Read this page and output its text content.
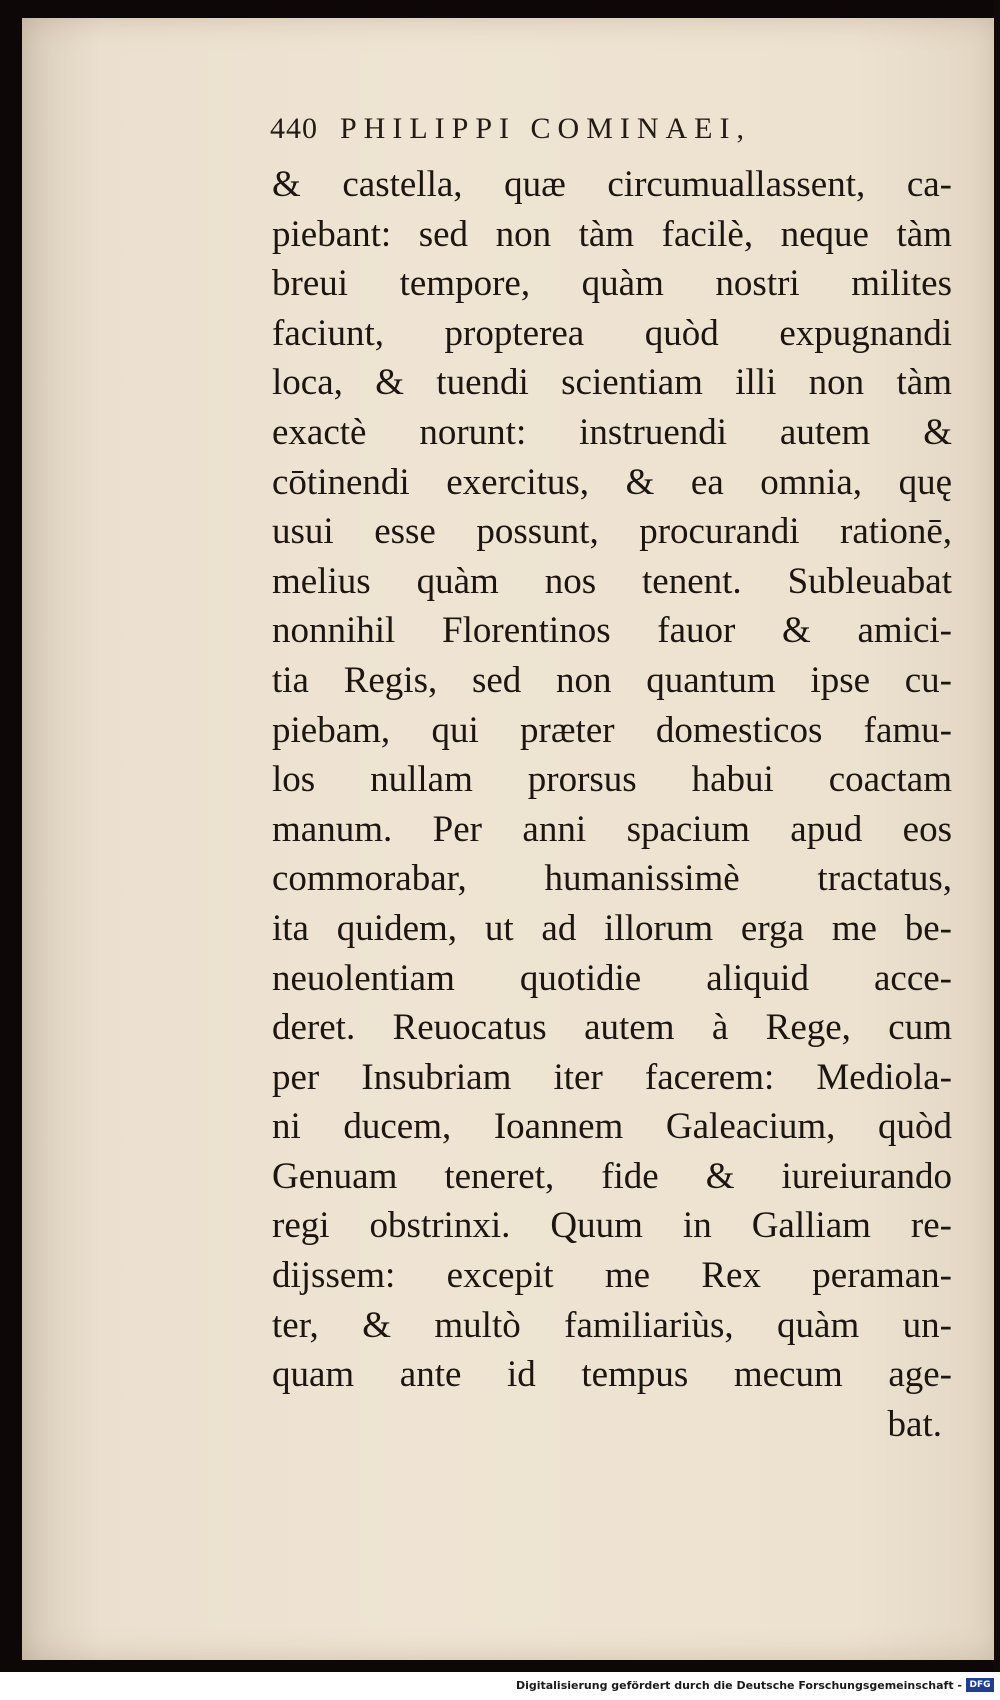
440 PHILIPPI COMINAEI,
& castella, quæ circumuallassent, ca-
piebant: sed non tàm facilè, neque tàm
breui tempore, quàm nostri milites
faciunt, propterea quòd expugnandi
loca, & tuendi scientiam illi non tàm
exactè norunt: instruendi autem &
cōtinendi exercitus, & ea omnia, quę
usui esse possunt, procurandi rationē,
melius quàm nos tenent. Subleuabat
nonnihil Florentinos fauor & amici-
tia Regis, sed non quantum ipse cu-
piebam, qui præter domesticos famu-
los nullam prorsus habui coactam
manum. Per anni spacium apud eos
commorabar, humanissimè tractatus,
ita quidem, ut ad illorum erga me be-
neuolentiam quotidie aliquid acce-
deret. Reuocatus autem à Rege, cum
per Insubriam iter facerem: Mediola-
ni ducem, Ioannem Galeacium, quòd
Genuam teneret, fide & iureiurando
regi obstrinxi. Quum in Galliam re-
dijssem: excepit me Rex peraman-
ter, & multò familiariùs, quàm un-
quam ante id tempus mecum age-
bat.
Digitalisierung gefördert durch die Deutsche Forschungsgemeinschaft - DFG
